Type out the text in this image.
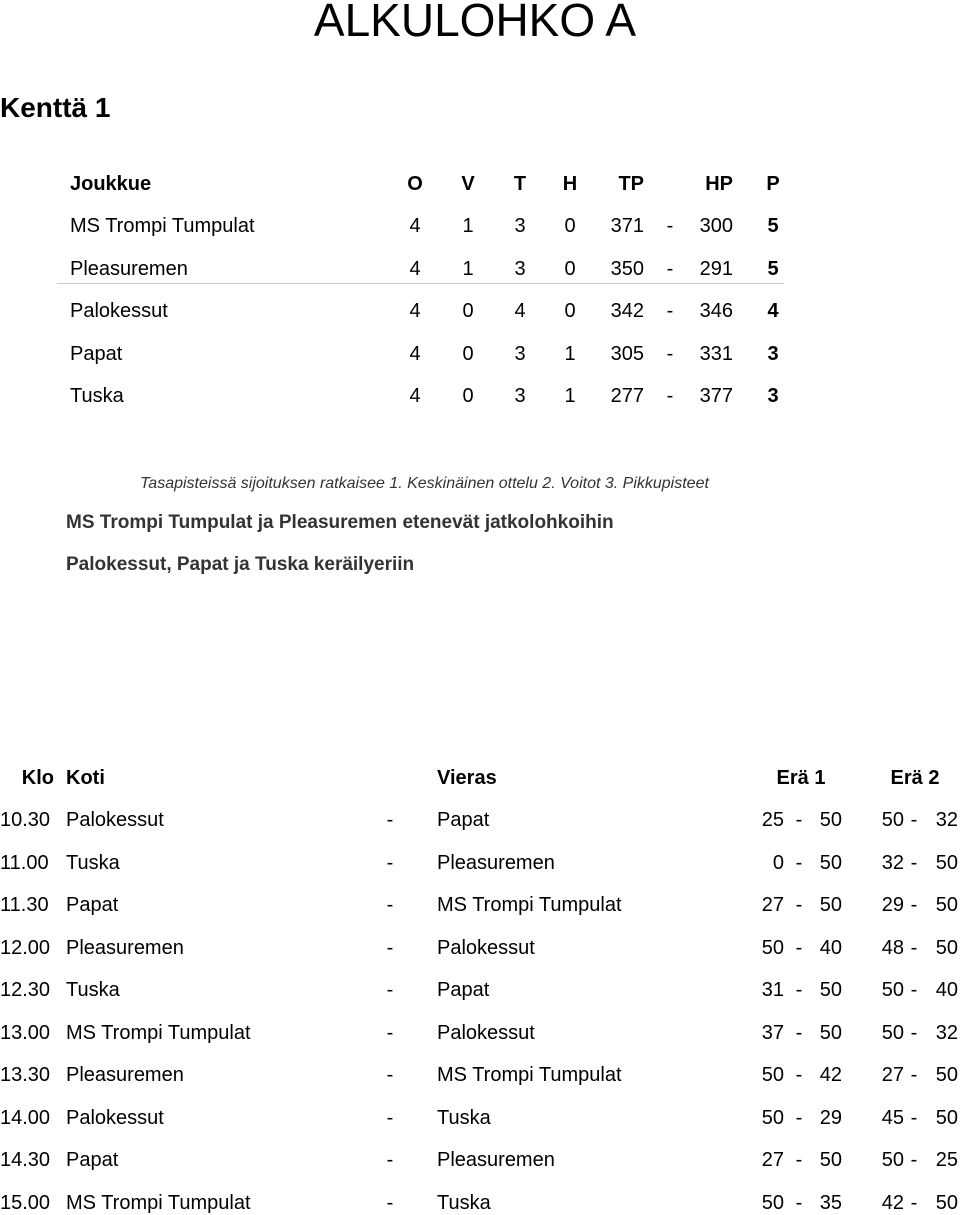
ALKULOHKO A
Kenttä 1
Joukkue	O	V	T	H	TP	HP	P
MS Trompi Tumpulat	4	1	3	0	371	-	300	5
Pleasuremen	4	1	3	0	350	-	291	5
Palokessut	4	0	4	0	342	-	346	4
Papat	4	0	3	1	305	-	331	3
Tuska	4	0	3	1	277	-	377	3
Tasapisteissä sijoituksen ratkaisee 1. Keskinäinen ottelu 2. Voitot 3. Pikkupisteet
MS Trompi Tumpulat ja Pleasuremen etenevät jatkolohkoihin
Palokessut, Papat ja Tuska keräilyeriin
Klo Koti	Vieras	Erä 1	Erä 2
10.30 Palokessut	-	Papat	25 - 50	50 - 32
11.00 Tuska	-	Pleasuremen	0 - 50	32 - 50
11.30 Papat	-	MS Trompi Tumpulat	27 - 50	29 - 50
12.00 Pleasuremen	-	Palokessut	50 - 40	48 - 50
12.30 Tuska	-	Papat	31 - 50	50 - 40
13.00 MS Trompi Tumpulat	-	Palokessut	37 - 50	50 - 32
13.30 Pleasuremen	-	MS Trompi Tumpulat	50 - 42	27 - 50
14.00 Palokessut	-	Tuska	50 - 29	45 - 50
14.30 Papat	-	Pleasuremen	27 - 50	50 - 25
15.00 MS Trompi Tumpulat	-	Tuska	50 - 35	42 - 50
